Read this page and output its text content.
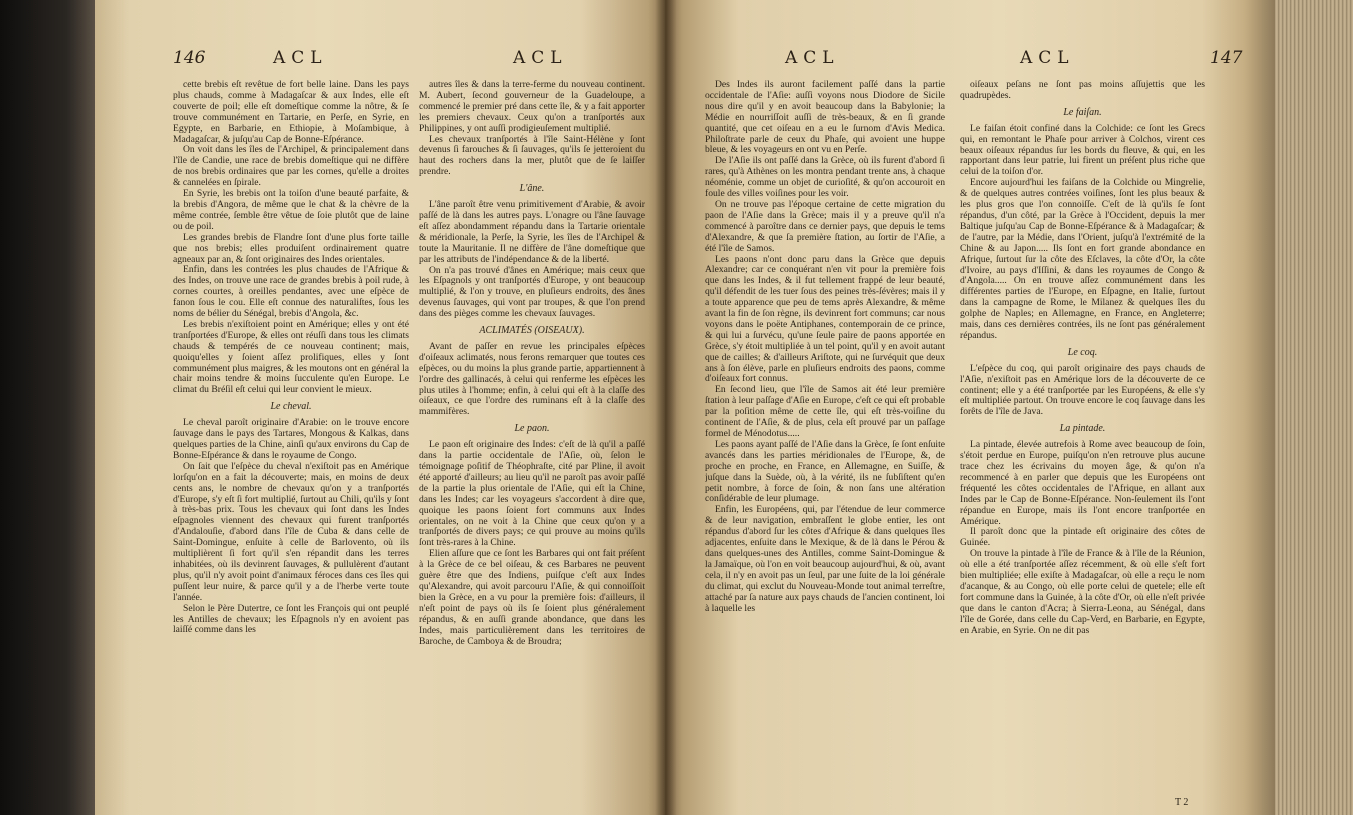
146	ACL	ACL

cette brebis eſt revêtue de fort belle laine. Dans les pays plus chauds, comme à Madagaſcar & aux Indes, elle eſt couverte de poil; elle eſt domeſtique comme la nôtre, & ſe trouve communément en Tartarie, en Perſe, en Syrie, en Egypte, en Barbarie, en Ethiopie, à Moſambique, à Madagaſcar, & juſqu'au Cap de Bonne-Eſpérance.

On voit dans les îles de l'Archipel, & principalement dans l'île de Candie, une race de brebis domeſtique qui ne diffère de nos brebis ordinaires que par les cornes, qu'elle a droites & cannelées en ſpirale.

En Syrie, les brebis ont la toiſon d'une beauté parfaite, & la brebis d'Angora, de même que le chat & la chèvre de la même contrée, ſemble être vêtue de ſoie plutôt que de laine ou de poil.

Les grandes brebis de Flandre ſont d'une plus forte taille que nos brebis; elles produiſent ordinairement quatre agneaux par an, & ſont originaires des Indes orientales.

Enfin, dans les contrées les plus chaudes de l'Afrique & des Indes, on trouve une race de grandes brebis à poil rude, à cornes courtes, à oreilles pendantes, avec une eſpèce de fanon ſous le cou. Elle eſt connue des naturaliſtes, ſous les noms de bélier du Sénégal, brebis d'Angola, &c.

Les brebis n'exiſtoient point en Amérique; elles y ont été tranſportées d'Europe, & elles ont réuſſi dans tous les climats chauds & tempérés de ce nouveau continent; mais, quoiqu'elles y ſoient aſſez prolifiques, elles y ſont communément plus maigres, & les moutons ont en général la chair moins tendre & moins ſucculente qu'en Europe. Le climat du Bréſil eſt celui qui leur convient le mieux.

Le cheval.

Le cheval paroît originaire d'Arabie: on le trouve encore ſauvage dans le pays des Tartares, Mongous & Kalkas, dans quelques parties de la Chine, ainſi qu'aux environs du Cap de Bonne-Eſpérance & dans le royaume de Congo.

On ſait que l'eſpèce du cheval n'exiſtoit pas en Amérique lorſqu'on en a fait la découverte; mais, en moins de deux cents ans, le nombre de chevaux qu'on y a tranſportés d'Europe, s'y eſt ſi fort multiplié, ſurtout au Chili, qu'ils y ſont à très-bas prix. Tous les chevaux qui ſont dans les Indes eſpagnoles viennent des chevaux qui furent tranſportés d'Andalouſie, d'abord dans l'île de Cuba & dans celle de Saint-Domingue, enſuite à celle de Barlovento, où ils multiplièrent ſi fort qu'il s'en répandit dans les terres inhabitées, où ils devinrent ſauvages, & pullulèrent d'autant plus, qu'il n'y avoit point d'animaux féroces dans ces îles qui puſſent leur nuire, & parce qu'il y a de l'herbe verte toute l'année.

Selon le Père Dutertre, ce ſont les François qui ont peuplé les Antilles de chevaux; les Eſpagnols n'y en avoient pas laiſſé comme dans les

autres îles & dans la terre-ferme du nouveau continent. M. Aubert, ſecond gouverneur de la Guadeloupe, a commencé le premier pré dans cette île, & y a fait apporter les premiers chevaux. Ceux qu'on a tranſportés aux Philippines, y ont auſſi prodigieuſement multiplié.

Les chevaux tranſportés à l'île Saint-Hélène y ſont devenus ſi farouches & ſi ſauvages, qu'ils ſe jetteroient du haut des rochers dans la mer, plutôt que de ſe laiſſer prendre.

L'âne.

L'âne paroît être venu primitivement d'Arabie, & avoir paſſé de là dans les autres pays. L'onagre ou l'âne ſauvage eſt aſſez abondamment répandu dans la Tartarie orientale & méridionale, la Perſe, la Syrie, les îles de l'Archipel & toute la Mauritanie. Il ne diffère de l'âne domeſtique que par les attributs de l'indépendance & de la liberté.

On n'a pas trouvé d'ânes en Amérique; mais ceux que les Eſpagnols y ont tranſportés d'Europe, y ont beaucoup multiplié, & l'on y trouve, en pluſieurs endroits, des ânes devenus ſauvages, qui vont par troupes, & que l'on prend dans des pièges comme les chevaux ſauvages.

ACLIMATÉS (OISEAUX).

Avant de paſſer en revue les principales eſpèces d'oiſeaux aclimatés, nous ferons remarquer que toutes ces eſpèces, ou du moins la plus grande partie, appartiennent à l'ordre des gallinacés, à celui qui renferme les eſpèces les plus utiles à l'homme; enfin, à celui qui eſt à la claſſe des oiſeaux, ce que l'ordre des ruminans eſt à la claſſe des mammifères.

Le paon.

Le paon eſt originaire des Indes: c'eſt de là qu'il a paſſé dans la partie occidentale de l'Aſie, où, ſelon le témoignage poſitif de Théophraſte, cité par Pline, il avoit été apporté d'ailleurs; au lieu qu'il ne paroît pas avoir paſſé de la partie la plus orientale de l'Aſie, qui eſt la Chine, dans les Indes; car les voyageurs s'accordent à dire que, quoique les paons ſoient fort communs aux Indes orientales, on ne voit à la Chine que ceux qu'on y a tranſportés de divers pays; ce qui prouve au moins qu'ils ſont très-rares à la Chine.

Elien aſſure que ce ſont les Barbares qui ont fait préſent à la Grèce de ce bel oiſeau, & ces Barbares ne peuvent guère être que des Indiens, puiſque c'eſt aux Indes qu'Alexandre, qui avoit parcouru l'Aſie, & qui connoiſſoit bien la Grèce, en a vu pour la première fois: d'ailleurs, il n'eſt point de pays où ils ſe ſoient plus généralement répandus, & en auſſi grande abondance, que dans les Indes, mais particulièrement dans les territoires de Baroche, de Camboya & de Broudra;

ACL	ACL	147

Des Indes ils auront facilement paſſé dans la partie occidentale de l'Aſie: auſſi voyons nous Diodore de Sicile nous dire qu'il y en avoit beaucoup dans la Babylonie; la Médie en nourriſſoit auſſi de très-beaux, & en ſi grande quantité, que cet oiſeau en a eu le ſurnom d'Avis Medica. Philoſtrate parle de ceux du Phaſe, qui avoient une huppe bleue, & les voyageurs en ont vu en Perſe.

De l'Aſie ils ont paſſé dans la Grèce, où ils furent d'abord ſi rares, qu'à Athènes on les montra pendant trente ans, à chaque néoménie, comme un objet de curioſité, & qu'on accouroit en foule des villes voiſines pour les voir.

On ne trouve pas l'époque certaine de cette migration du paon de l'Aſie dans la Grèce; mais il y a preuve qu'il n'a commencé à paroître dans ce dernier pays, que depuis le tems d'Alexandre, & que ſa première ſtation, au ſortir de l'Aſie, a été l'île de Samos.

Les paons n'ont donc paru dans la Grèce que depuis Alexandre; car ce conquérant n'en vit pour la première fois que dans les Indes, & il fut tellement frappé de leur beauté, qu'il défendit de les tuer ſous des peines très-ſévères; mais il y a toute apparence que peu de tems après Alexandre, & même avant la fin de ſon règne, ils devinrent fort communs; car nous voyons dans le poëte Antiphanes, contemporain de ce prince, & qui lui a ſurvécu, qu'une ſeule paire de paons apportée en Grèce, s'y étoit multipliée à un tel point, qu'il y en avoit autant que de cailles; & d'ailleurs Ariſtote, qui ne ſurvéquit que deux ans à ſon élève, parle en pluſieurs endroits des paons, comme d'oiſeaux fort connus.

En ſecond lieu, que l'île de Samos ait été leur première ſtation à leur paſſage d'Aſie en Europe, c'eſt ce qui eſt probable par la poſition même de cette île, qui eſt très-voiſine du continent de l'Aſie, & de plus, cela eſt prouvé par un paſſage formel de Ménodotus.....

Les paons ayant paſſé de l'Aſie dans la Grèce, ſe ſont enſuite avancés dans les parties méridionales de l'Europe, &, de proche en proche, en France, en Allemagne, en Suiſſe, & juſque dans la Suède, où, à la vérité, ils ne ſubſiſtent qu'en petit nombre, à force de ſoin, & non ſans une altération conſidérable de leur plumage.

Enfin, les Européens, qui, par l'étendue de leur commerce & de leur navigation, embraſſent le globe entier, les ont répandus d'abord ſur les côtes d'Afrique & dans quelques îles adjacentes, enſuite dans le Mexique, & de là dans le Pérou & dans quelques-unes des Antilles, comme Saint-Domingue & la Jamaïque, où l'on en voit beaucoup aujourd'hui, & où, avant cela, il n'y en avoit pas un ſeul, par une ſuite de la loi générale du climat, qui exclut du Nouveau-Monde tout animal terreſtre, attaché par ſa nature aux pays chauds de l'ancien continent, loi à laquelle les

oiſeaux peſans ne ſont pas moins aſſujettis que les quadrupèdes.

Le faiſan.

Le faiſan étoit confiné dans la Colchide: ce ſont les Grecs qui, en remontant le Phaſe pour arriver à Colchos, virent ces beaux oiſeaux répandus ſur les bords du fleuve, & qui, en les rapportant dans leur patrie, lui firent un préſent plus riche que celui de la toiſon d'or.

Encore aujourd'hui les faiſans de la Colchide ou Mingrelie, & de quelques autres contrées voiſines, ſont les plus beaux & les plus gros que l'on connoiſſe. C'eſt de là qu'ils ſe ſont répandus, d'un côté, par la Grèce à l'Occident, depuis la mer Baltique juſqu'au Cap de Bonne-Eſpérance & à Madagaſcar; & de l'autre, par la Médie, dans l'Orient, juſqu'à l'extrémité de la Chine & au Japon..... Ils ſont en fort grande abondance en Afrique, ſurtout ſur la côte des Eſclaves, la côte d'Or, la côte d'Ivoire, au pays d'Iſſini, & dans les royaumes de Congo & d'Angola..... On en trouve aſſez communément dans les différentes parties de l'Europe, en Eſpagne, en Italie, ſurtout dans la campagne de Rome, le Milanez & quelques îles du golphe de Naples; en Allemagne, en France, en Angleterre; mais, dans ces dernières contrées, ils ne ſont pas généralement répandus.

Le coq.

L'eſpèce du coq, qui paroît originaire des pays chauds de l'Aſie, n'exiſtoit pas en Amérique lors de la découverte de ce continent; elle y a été tranſportée par les Européens, & elle s'y eſt multipliée partout. On trouve encore le coq ſauvage dans les forêts de l'île de Java.

La pintade.

La pintade, élevée autrefois à Rome avec beaucoup de ſoin, s'étoit perdue en Europe, puiſqu'on n'en retrouve plus aucune trace chez les écrivains du moyen âge, & qu'on n'a recommencé à en parler que depuis que les Européens ont fréquenté les côtes occidentales de l'Afrique, en allant aux Indes par le Cap de Bonne-Eſpérance. Non-ſeulement ils l'ont répandue en Europe, mais ils l'ont encore tranſportée en Amérique.

Il paroît donc que la pintade eſt originaire des côtes de Guinée.

On trouve la pintade à l'île de France & à l'île de la Réunion, où elle a été tranſportée aſſez récemment, & où elle s'eſt fort bien multipliée; elle exiſte à Madagaſcar, où elle a reçu le nom d'acanque, & au Congo, où elle porte celui de quetele; elle eſt fort commune dans la Guinée, à la côte d'Or, où elle n'eſt privée que dans le canton d'Acra; à Sierra-Leona, au Sénégal, dans l'île de Gorée, dans celle du Cap-Verd, en Barbarie, en Egypte, en Arabie, en Syrie. On ne dit pas

T 2
